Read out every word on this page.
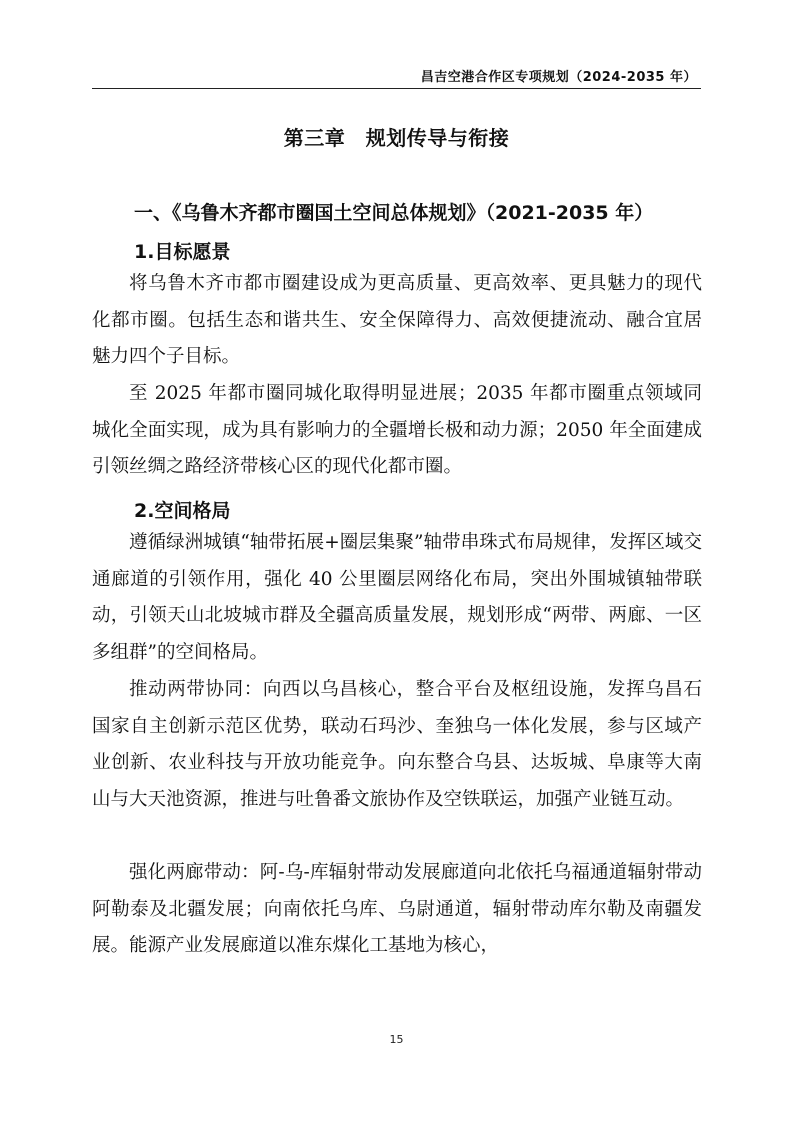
昌吉空港合作区专项规划（2024-2035 年）
第三章　规划传导与衔接
一、《乌鲁木齐都市圈国土空间总体规划》（2021-2035 年）
1.目标愿景

将乌鲁木齐市都市圈建设成为更高质量、更高效率、更具魅力的现代化都市圈。包括生态和谐共生、安全保障得力、高效便捷流动、融合宜居魅力四个子目标。

至 2025 年都市圈同城化取得明显进展；2035 年都市圈重点领域同城化全面实现，成为具有影响力的全疆增长极和动力源；2050 年全面建成引领丝绸之路经济带核心区的现代化都市圈。

2.空间格局

遵循绿洲城镇“轴带拓展+圈层集聚”轴带串珠式布局规律，发挥区域交通廊道的引领作用，强化 40 公里圈层网络化布局，突出外围城镇轴带联动，引领天山北坡城市群及全疆高质量发展，规划形成“两带、两廊、一区多组群”的空间格局。

推动两带协同：向西以乌昌核心，整合平台及枢纽设施，发挥乌昌石国家自主创新示范区优势，联动石玛沙、奎独乌一体化发展，参与区域产业创新、农业科技与开放功能竞争。向东整合乌县、达坂城、阜康等大南山与大天池资源，推进与吐鲁番文旅协作及空铁联运，加强产业链互动。

强化两廊带动：阿-乌-库辐射带动发展廊道向北依托乌福通道辐射带动阿勒泰及北疆发展；向南依托乌库、乌尉通道，辐射带动库尔勒及南疆发展。能源产业发展廊道以准东煤化工基地为核心，

15
